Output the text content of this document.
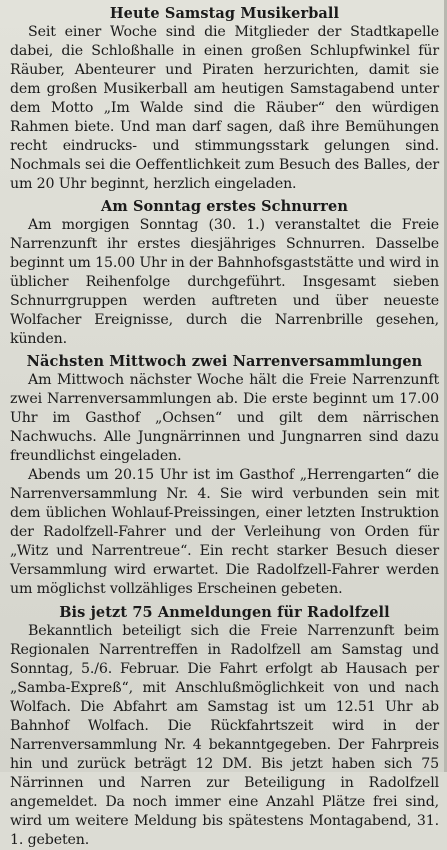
Heute Samstag Musikerball

Seit einer Woche sind die Mitglieder der Stadtkapelle dabei, die Schloßhalle in einen großen Schlupfwinkel für Räuber, Abenteurer und Piraten herzurichten, damit sie dem großen Musikerball am heutigen Samstagabend unter dem Motto „Im Walde sind die Räuber“ den würdigen Rahmen biete. Und man darf sagen, daß ihre Bemühungen recht eindrucks- und stimmungsstark gelungen sind. Nochmals sei die Oeffentlichkeit zum Besuch des Balles, der um 20 Uhr beginnt, herzlich eingeladen.

Am Sonntag erstes Schnurren

Am morgigen Sonntag (30. 1.) veranstaltet die Freie Narrenzunft ihr erstes diesjähriges Schnurren. Dasselbe beginnt um 15.00 Uhr in der Bahnhofsgaststätte und wird in üblicher Reihenfolge durchgeführt. Insgesamt sieben Schnurrgruppen werden auftreten und über neueste Wolfacher Ereignisse, durch die Narrenbrille gesehen, künden.

Nächsten Mittwoch zwei Narrenversammlungen

Am Mittwoch nächster Woche hält die Freie Narrenzunft zwei Narrenversammlungen ab. Die erste beginnt um 17.00 Uhr im Gasthof „Ochsen“ und gilt dem närrischen Nachwuchs. Alle Jungnärrinnen und Jungnarren sind dazu freundlichst eingeladen.

Abends um 20.15 Uhr ist im Gasthof „Herrengarten“ die Narrenversammlung Nr. 4. Sie wird verbunden sein mit dem üblichen Wohlauf-Preissingen, einer letzten Instruktion der Radolfzell-Fahrer und der Verleihung von Orden für „Witz und Narrentreue“. Ein recht starker Besuch dieser Versammlung wird erwartet. Die Radolfzell-Fahrer werden um möglichst vollzähliges Erscheinen gebeten.

Bis jetzt 75 Anmeldungen für Radolfzell

Bekanntlich beteiligt sich die Freie Narrenzunft beim Regionalen Narrentreffen in Radolfzell am Samstag und Sonntag, 5./6. Februar. Die Fahrt erfolgt ab Hausach per „Samba-Expreß“, mit Anschlußmöglichkeit von und nach Wolfach. Die Abfahrt am Samstag ist um 12.51 Uhr ab Bahnhof Wolfach. Die Rückfahrtszeit wird in der Narrenversammlung Nr. 4 bekanntgegeben. Der Fahrpreis hin und zurück beträgt 12 DM. Bis jetzt haben sich 75 Närrinnen und Narren zur Beteiligung in Radolfzell angemeldet. Da noch immer eine Anzahl Plätze frei sind, wird um weitere Meldung bis spätestens Montagabend, 31. 1. gebeten.
